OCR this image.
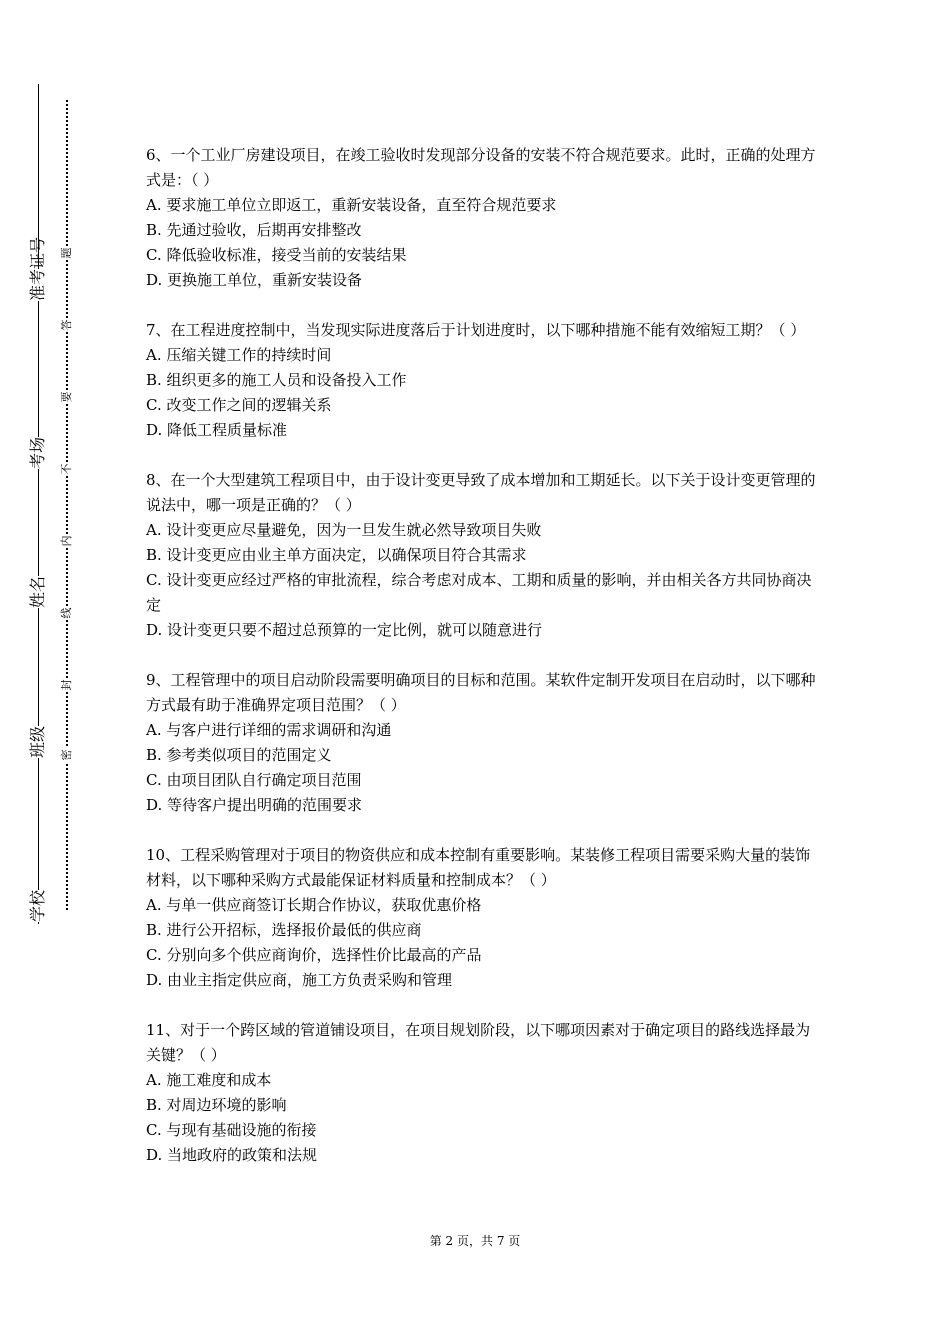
准考证号
考场
姓名
班级
学校
题
答
要
不
内
线
封
密

6、一个工业厂房建设项目，在竣工验收时发现部分设备的安装不符合规范要求。此时，正确的处理方式是：（ ）

A. 要求施工单位立即返工，重新安装设备，直至符合规范要求

B. 先通过验收，后期再安排整改

C. 降低验收标准，接受当前的安装结果

D. 更换施工单位，重新安装设备

7、在工程进度控制中，当发现实际进度落后于计划进度时，以下哪种措施不能有效缩短工期？（ ）

A. 压缩关键工作的持续时间

B. 组织更多的施工人员和设备投入工作

C. 改变工作之间的逻辑关系

D. 降低工程质量标准

8、在一个大型建筑工程项目中，由于设计变更导致了成本增加和工期延长。以下关于设计变更管理的说法中，哪一项是正确的？（ ）

A. 设计变更应尽量避免，因为一旦发生就必然导致项目失败

B. 设计变更应由业主单方面决定，以确保项目符合其需求

C. 设计变更应经过严格的审批流程，综合考虑对成本、工期和质量的影响，并由相关各方共同协商决定

D. 设计变更只要不超过总预算的一定比例，就可以随意进行

9、工程管理中的项目启动阶段需要明确项目的目标和范围。某软件定制开发项目在启动时，以下哪种方式最有助于准确界定项目范围？（ ）

A. 与客户进行详细的需求调研和沟通

B. 参考类似项目的范围定义

C. 由项目团队自行确定项目范围

D. 等待客户提出明确的范围要求

10、工程采购管理对于项目的物资供应和成本控制有重要影响。某装修工程项目需要采购大量的装饰材料，以下哪种采购方式最能保证材料质量和控制成本？（ ）

A. 与单一供应商签订长期合作协议，获取优惠价格

B. 进行公开招标，选择报价最低的供应商

C. 分别向多个供应商询价，选择性价比最高的产品

D. 由业主指定供应商，施工方负责采购和管理

11、对于一个跨区域的管道铺设项目，在项目规划阶段，以下哪项因素对于确定项目的路线选择最为关键？（ ）

A. 施工难度和成本

B. 对周边环境的影响

C. 与现有基础设施的衔接

D. 当地政府的政策和法规

第 2 页，共 7 页
